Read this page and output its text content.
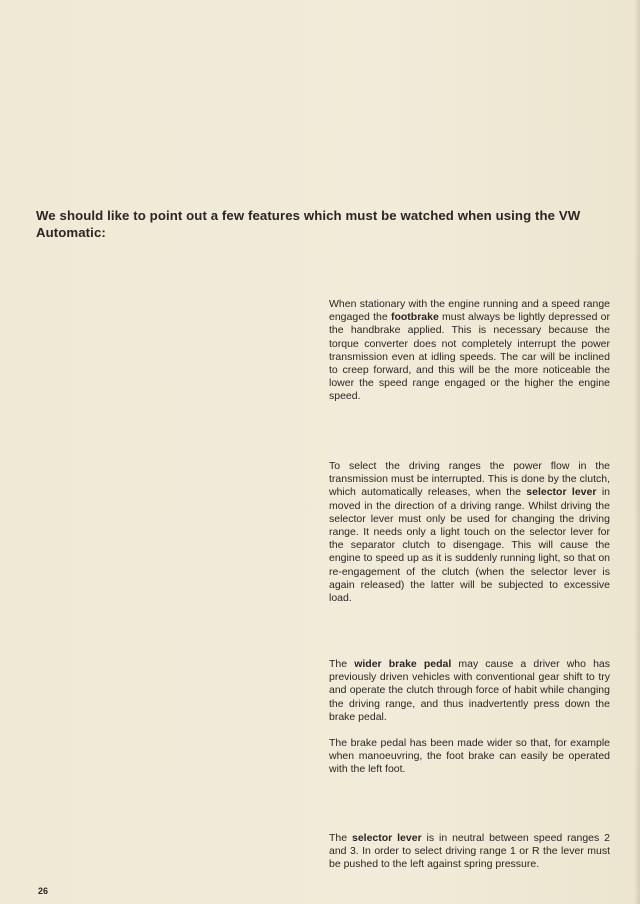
We should like to point out a few features which must be watched when using the VW Automatic:

When stationary with the engine running and a speed range engaged the footbrake must always be lightly depressed or the handbrake applied. This is necessary because the torque converter does not completely interrupt the power transmission even at idling speeds. The car will be inclined to creep forward, and this will be the more noticeable the lower the speed range engaged or the higher the engine speed.

To select the driving ranges the power flow in the transmission must be interrupted. This is done by the clutch, which automatically releases, when the selector lever in moved in the direction of a driving range. Whilst driving the selector lever must only be used for changing the driving range. It needs only a light touch on the selector lever for the separator clutch to disengage. This will cause the engine to speed up as it is suddenly running light, so that on re-engagement of the clutch (when the selector lever is again released) the latter will be subjected to excessive load.

The wider brake pedal may cause a driver who has previously driven vehicles with conventional gear shift to try and operate the clutch through force of habit while changing the driving range, and thus inadvertently press down the brake pedal.

The brake pedal has been made wider so that, for example when manoeuvring, the foot brake can easily be operated with the left foot.

The selector lever is in neutral between speed ranges 2 and 3. In order to select driving range 1 or R the lever must be pushed to the left against spring pressure.

26
